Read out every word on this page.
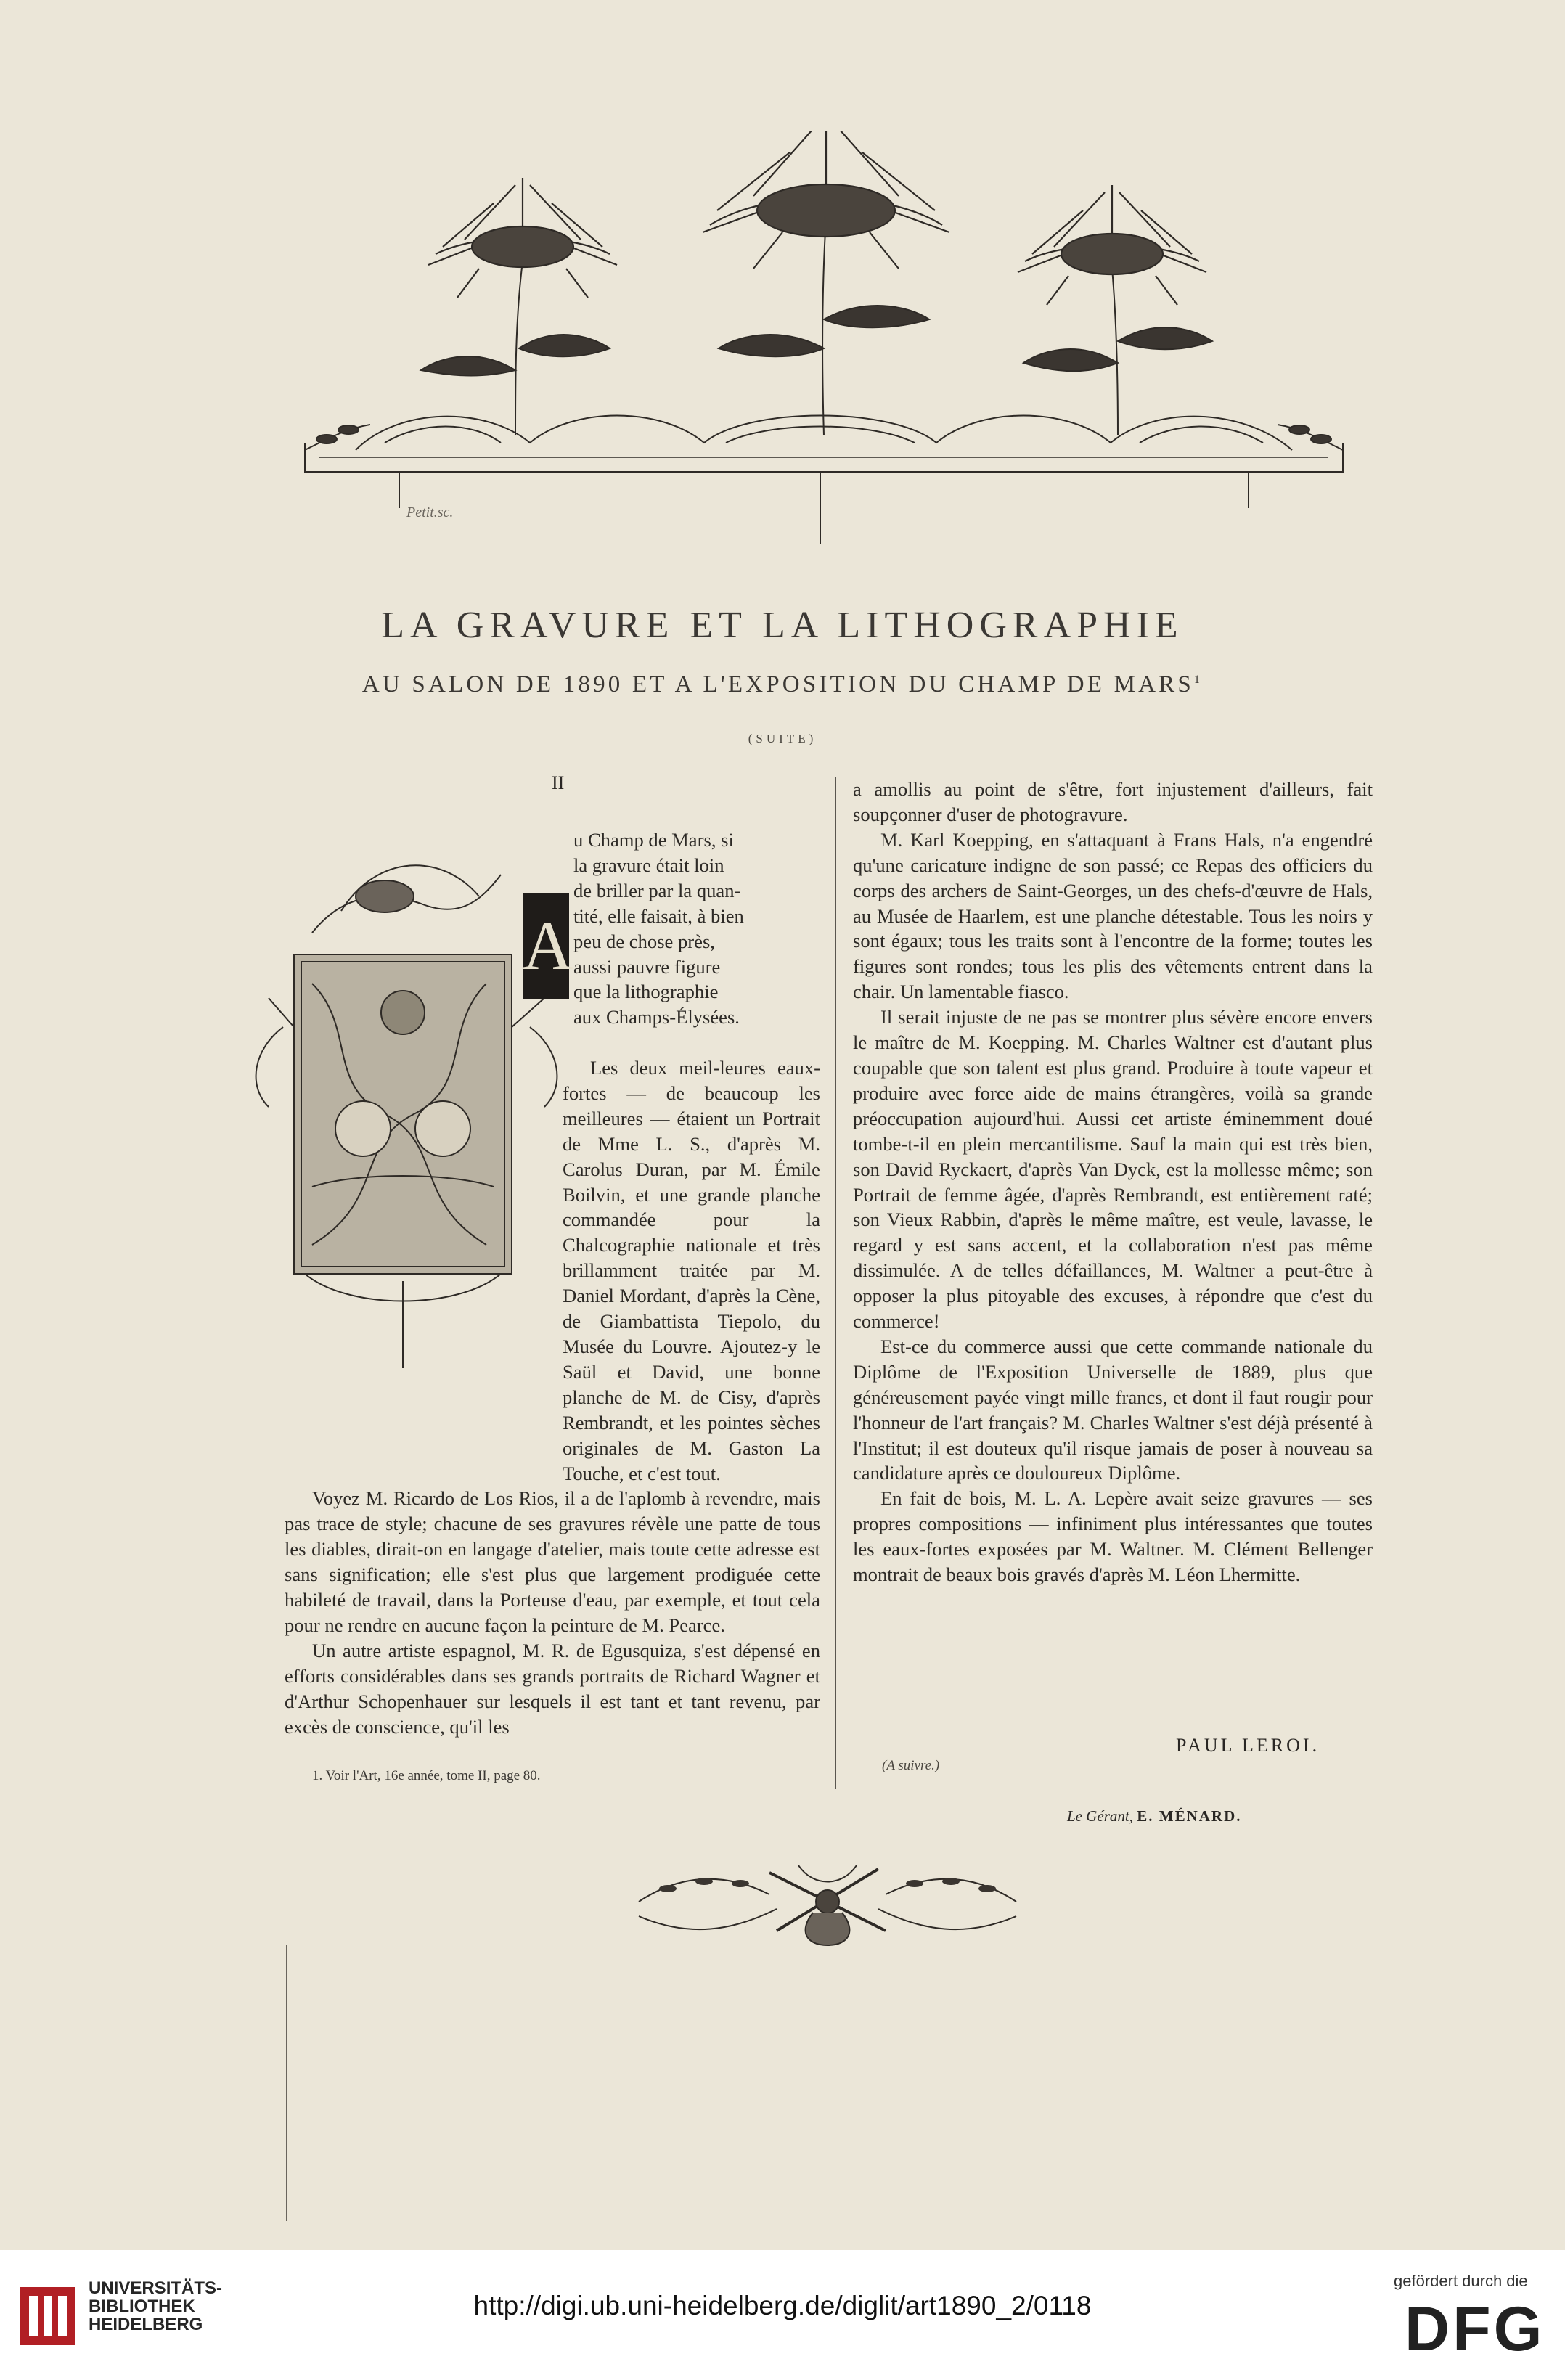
Petit.sc.
LA GRAVURE ET LA LITHOGRAPHIE
AU SALON DE 1890 ET A L'EXPOSITION DU CHAMP DE MARS$^1$
(SUITE)
II
A

u Champ de Mars, si

la gravure était loin

de briller par la quan-

tité, elle faisait, à bien

peu de chose près,

aussi pauvre figure

que la lithographie

aux Champs-Élysées.

Les deux meil-leures eaux-fortes — de beaucoup les meilleures — étaient un Portrait de Mme L. S., d'après M. Carolus Duran, par M. Émile Boilvin, et une grande planche commandée pour la Chalcographie nationale et très brillamment traitée par M. Daniel Mordant, d'après la Cène, de Giambattista Tiepolo, du Musée du Louvre. Ajoutez-y le Saül et David, une bonne planche de M. de Cisy, d'après Rembrandt, et les pointes sèches originales de M. Gaston La Touche, et c'est tout.

Voyez M. Ricardo de Los Rios, il a de l'aplomb à revendre, mais pas trace de style; chacune de ses gravures révèle une patte de tous les diables, dirait-on en langage d'atelier, mais toute cette adresse est sans signification; elle s'est plus que largement prodiguée cette habileté de travail, dans la Porteuse d'eau, par exemple, et tout cela pour ne rendre en aucune façon la peinture de M. Pearce.

Un autre artiste espagnol, M. R. de Egusquiza, s'est dépensé en efforts considérables dans ses grands portraits de Richard Wagner et d'Arthur Schopenhauer sur lesquels il est tant et tant revenu, par excès de conscience, qu'il les

a amollis au point de s'être, fort injustement d'ailleurs, fait soupçonner d'user de photogravure.

M. Karl Koepping, en s'attaquant à Frans Hals, n'a engendré qu'une caricature indigne de son passé; ce Repas des officiers du corps des archers de Saint-Georges, un des chefs-d'œuvre de Hals, au Musée de Haarlem, est une planche détestable. Tous les noirs y sont égaux; tous les traits sont à l'encontre de la forme; toutes les figures sont rondes; tous les plis des vêtements entrent dans la chair. Un lamentable fiasco.

Il serait injuste de ne pas se montrer plus sévère encore envers le maître de M. Koepping. M. Charles Waltner est d'autant plus coupable que son talent est plus grand. Produire à toute vapeur et produire avec force aide de mains étrangères, voilà sa grande préoccupation aujourd'hui. Aussi cet artiste éminemment doué tombe-t-il en plein mercantilisme. Sauf la main qui est très bien, son David Ryckaert, d'après Van Dyck, est la mollesse même; son Portrait de femme âgée, d'après Rembrandt, est entièrement raté; son Vieux Rabbin, d'après le même maître, est veule, lavasse, le regard y est sans accent, et la collaboration n'est pas même dissimulée. A de telles défaillances, M. Waltner a peut-être à opposer la plus pitoyable des excuses, à répondre que c'est du commerce!

Est-ce du commerce aussi que cette commande nationale du Diplôme de l'Exposition Universelle de 1889, plus que généreusement payée vingt mille francs, et dont il faut rougir pour l'honneur de l'art français? M. Charles Waltner s'est déjà présenté à l'Institut; il est douteux qu'il risque jamais de poser à nouveau sa candidature après ce douloureux Diplôme.

En fait de bois, M. L. A. Lepère avait seize gravures — ses propres compositions — infiniment plus intéressantes que toutes les eaux-fortes exposées par M. Waltner. M. Clément Bellenger montrait de beaux bois gravés d'après M. Léon Lhermitte.

PAUL LEROI.
(A suivre.)
1. Voir l'Art, 16e année, tome II, page 80.
Le Gérant, E. MÉNARD.
UNIVERSITÄTS-
BIBLIOTHEK
HEIDELBERG
http://digi.ub.uni-heidelberg.de/diglit/art1890_2/0118
gefördert durch die
DFG
